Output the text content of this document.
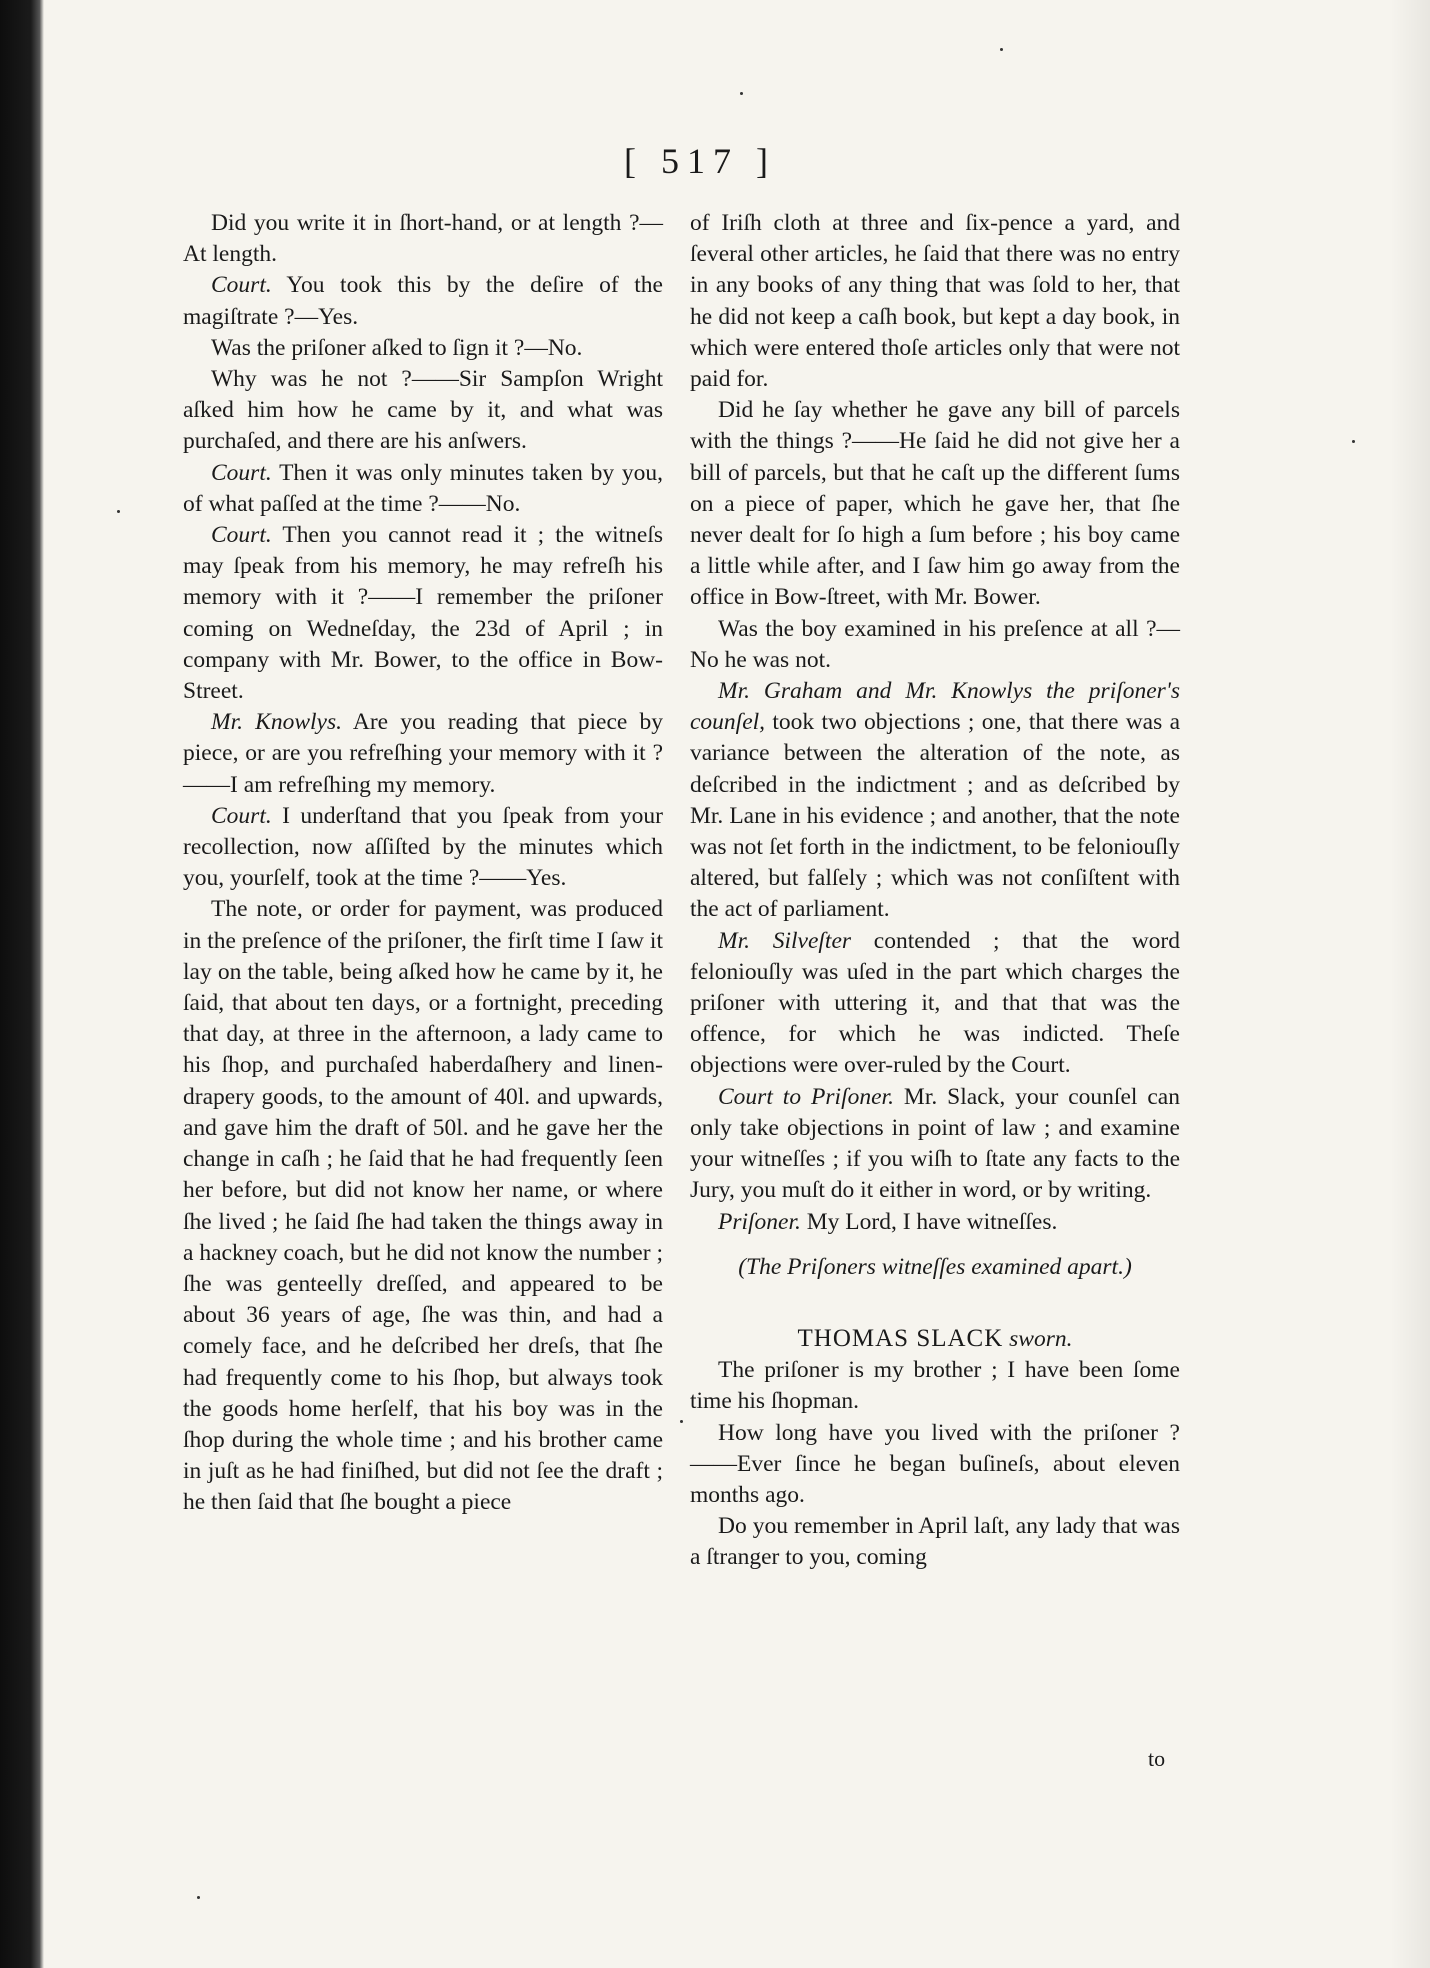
[ 517 ]

Did you write it in ſhort-hand, or at length ?—At length.

Court. You took this by the deſire of the magiſtrate ?—Yes.

Was the priſoner aſked to ſign it ?—No.

Why was he not ?——Sir Sampſon Wright aſked him how he came by it, and what was purchaſed, and there are his anſwers.

Court. Then it was only minutes taken by you, of what paſſed at the time ?——No.

Court. Then you cannot read it ; the witneſs may ſpeak from his memory, he may refreſh his memory with it ?——I remember the priſoner coming on Wedneſday, the 23d of April ; in company with Mr. Bower, to the office in Bow-Street.

Mr. Knowlys. Are you reading that piece by piece, or are you refreſhing your memory with it ?——I am refreſhing my memory.

Court. I underſtand that you ſpeak from your recollection, now aſſiſted by the minutes which you, yourſelf, took at the time ?——Yes.

The note, or order for payment, was produced in the preſence of the priſoner, the firſt time I ſaw it lay on the table, being aſked how he came by it, he ſaid, that about ten days, or a fortnight, preceding that day, at three in the afternoon, a lady came to his ſhop, and purchaſed haberdaſhery and linen-drapery goods, to the amount of 40l. and upwards, and gave him the draft of 50l. and he gave her the change in caſh ; he ſaid that he had frequently ſeen her before, but did not know her name, or where ſhe lived ; he ſaid ſhe had taken the things away in a hackney coach, but he did not know the number ; ſhe was genteelly dreſſed, and appeared to be about 36 years of age, ſhe was thin, and had a comely face, and he deſcribed her dreſs, that ſhe had frequently come to his ſhop, but always took the goods home herſelf, that his boy was in the ſhop during the whole time ; and his brother came in juſt as he had finiſhed, but did not ſee the draft ; he then ſaid that ſhe bought a piece

of Iriſh cloth at three and ſix-pence a yard, and ſeveral other articles, he ſaid that there was no entry in any books of any thing that was ſold to her, that he did not keep a caſh book, but kept a day book, in which were entered thoſe articles only that were not paid for.

Did he ſay whether he gave any bill of parcels with the things ?——He ſaid he did not give her a bill of parcels, but that he caſt up the different ſums on a piece of paper, which he gave her, that ſhe never dealt for ſo high a ſum before ; his boy came a little while after, and I ſaw him go away from the office in Bow-ſtreet, with Mr. Bower.

Was the boy examined in his preſence at all ?—No he was not.

Mr. Graham and Mr. Knowlys the priſoner's counſel, took two objections ; one, that there was a variance between the alteration of the note, as deſcribed in the indictment ; and as deſcribed by Mr. Lane in his evidence ; and another, that the note was not ſet forth in the indictment, to be feloniouſly altered, but falſely ; which was not conſiſtent with the act of parliament.

Mr. Silveſter contended ; that the word feloniouſly was uſed in the part which charges the priſoner with uttering it, and that that was the offence, for which he was indicted. Theſe objections were over-ruled by the Court.

Court to Priſoner. Mr. Slack, your counſel can only take objections in point of law ; and examine your witneſſes ; if you wiſh to ſtate any facts to the Jury, you muſt do it either in word, or by writing.

Priſoner. My Lord, I have witneſſes.

(The Priſoners witneſſes examined apart.)

THOMAS SLACK sworn.

The priſoner is my brother ; I have been ſome time his ſhopman.

How long have you lived with the priſoner ?——Ever ſince he began buſineſs, about eleven months ago.

Do you remember in April laſt, any lady that was a ſtranger to you, coming

to
